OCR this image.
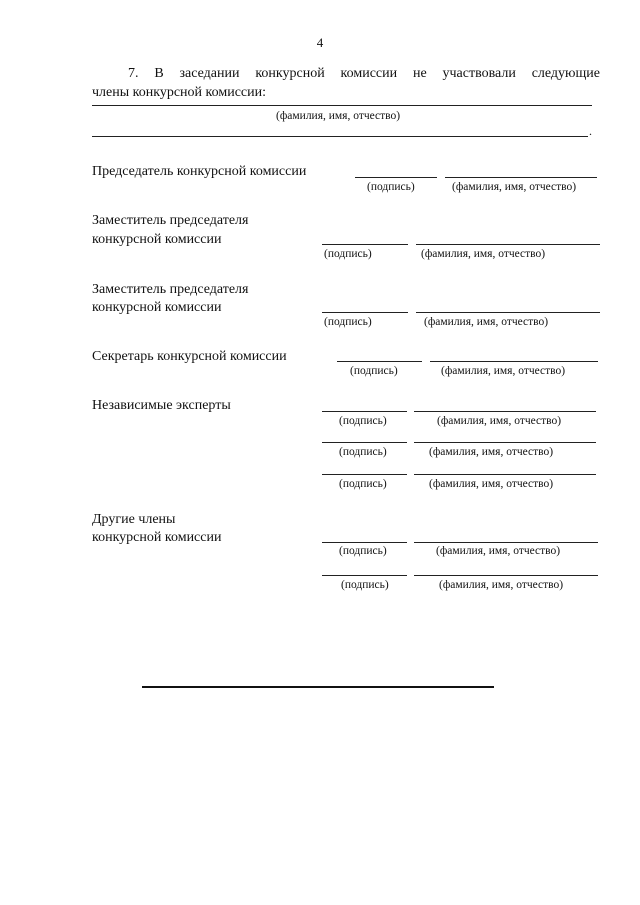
4
7. В заседании конкурсной комиссии не участвовали следующие
члены конкурсной комиссии:
(фамилия, имя, отчество)
.
Председатель конкурсной комиссии
(подпись)	(фамилия, имя, отчество)
Заместитель председателя
конкурсной комиссии
(подпись)	(фамилия, имя, отчество)
Заместитель председателя
конкурсной комиссии
(подпись)	(фамилия, имя, отчество)
Секретарь конкурсной комиссии
(подпись)	(фамилия, имя, отчество)
Независимые эксперты
(подпись)	(фамилия, имя, отчество)
(подпись)	(фамилия, имя, отчество)
(подпись)	(фамилия, имя, отчество)
Другие члены
конкурсной комиссии
(подпись)	(фамилия, имя, отчество)
(подпись)	(фамилия, имя, отчество)
